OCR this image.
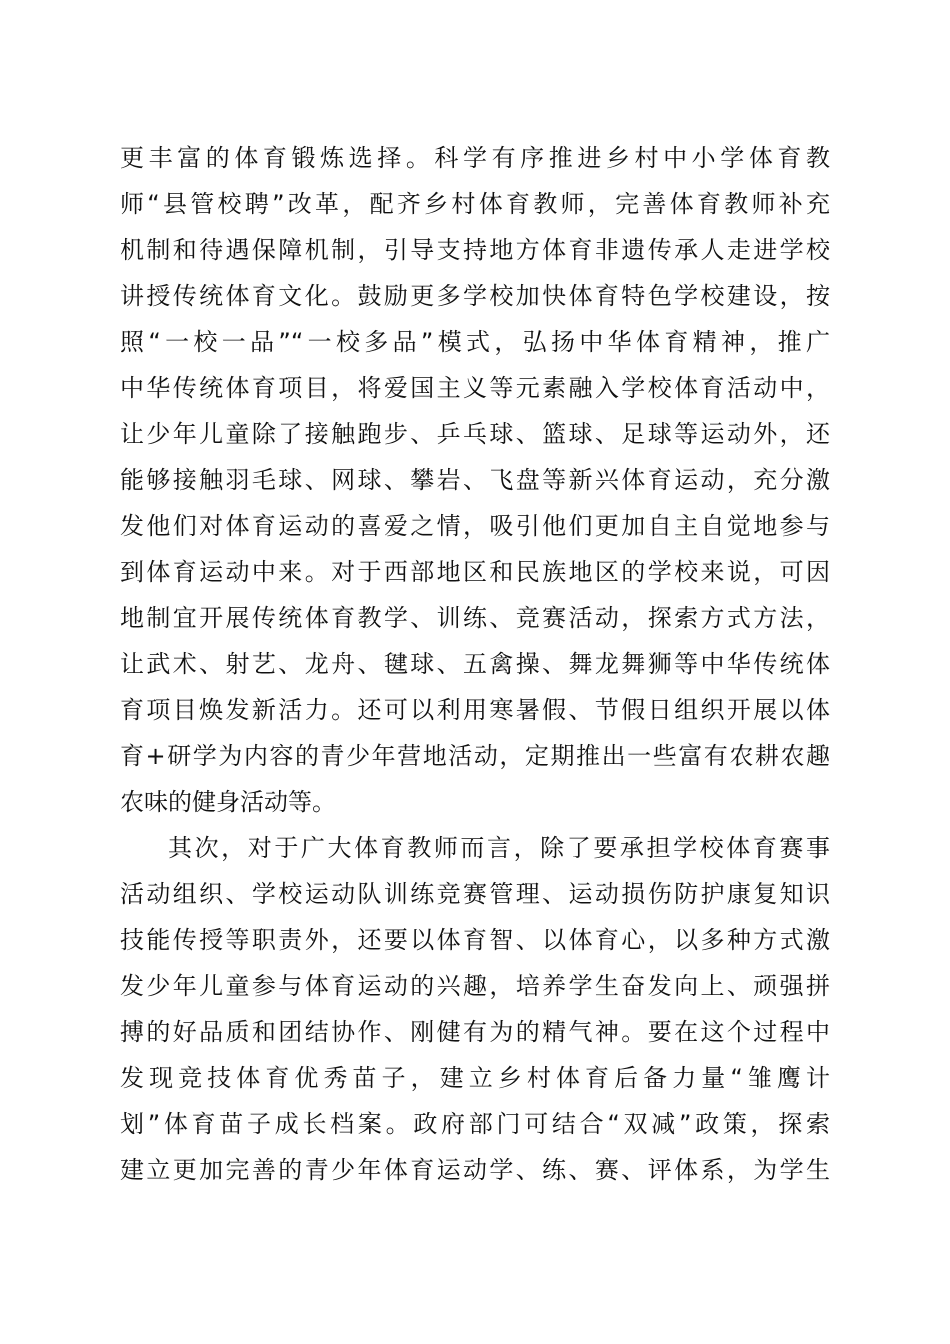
更丰富的体育锻炼选择。科学有序推进乡村中小学体育教
师“县管校聘”改革，配齐乡村体育教师，完善体育教师补充
机制和待遇保障机制，引导支持地方体育非遗传承人走进学校
讲授传统体育文化。鼓励更多学校加快体育特色学校建设，按
照“一校一品”“一校多品”模式，弘扬中华体育精神，推广
中华传统体育项目，将爱国主义等元素融入学校体育活动中，
让少年儿童除了接触跑步、乒乓球、篮球、足球等运动外，还
能够接触羽毛球、网球、攀岩、飞盘等新兴体育运动，充分激
发他们对体育运动的喜爱之情，吸引他们更加自主自觉地参与
到体育运动中来。对于西部地区和民族地区的学校来说，可因
地制宜开展传统体育教学、训练、竞赛活动，探索方式方法，
让武术、射艺、龙舟、毽球、五禽操、舞龙舞狮等中华传统体
育项目焕发新活力。还可以利用寒暑假、节假日组织开展以体
育+研学为内容的青少年营地活动，定期推出一些富有农耕农趣
农味的健身活动等。
其次，对于广大体育教师而言，除了要承担学校体育赛事
活动组织、学校运动队训练竞赛管理、运动损伤防护康复知识
技能传授等职责外，还要以体育智、以体育心，以多种方式激
发少年儿童参与体育运动的兴趣，培养学生奋发向上、顽强拼
搏的好品质和团结协作、刚健有为的精气神。要在这个过程中
发现竞技体育优秀苗子，建立乡村体育后备力量“雏鹰计
划”体育苗子成长档案。政府部门可结合“双减”政策，探索
建立更加完善的青少年体育运动学、练、赛、评体系，为学生
